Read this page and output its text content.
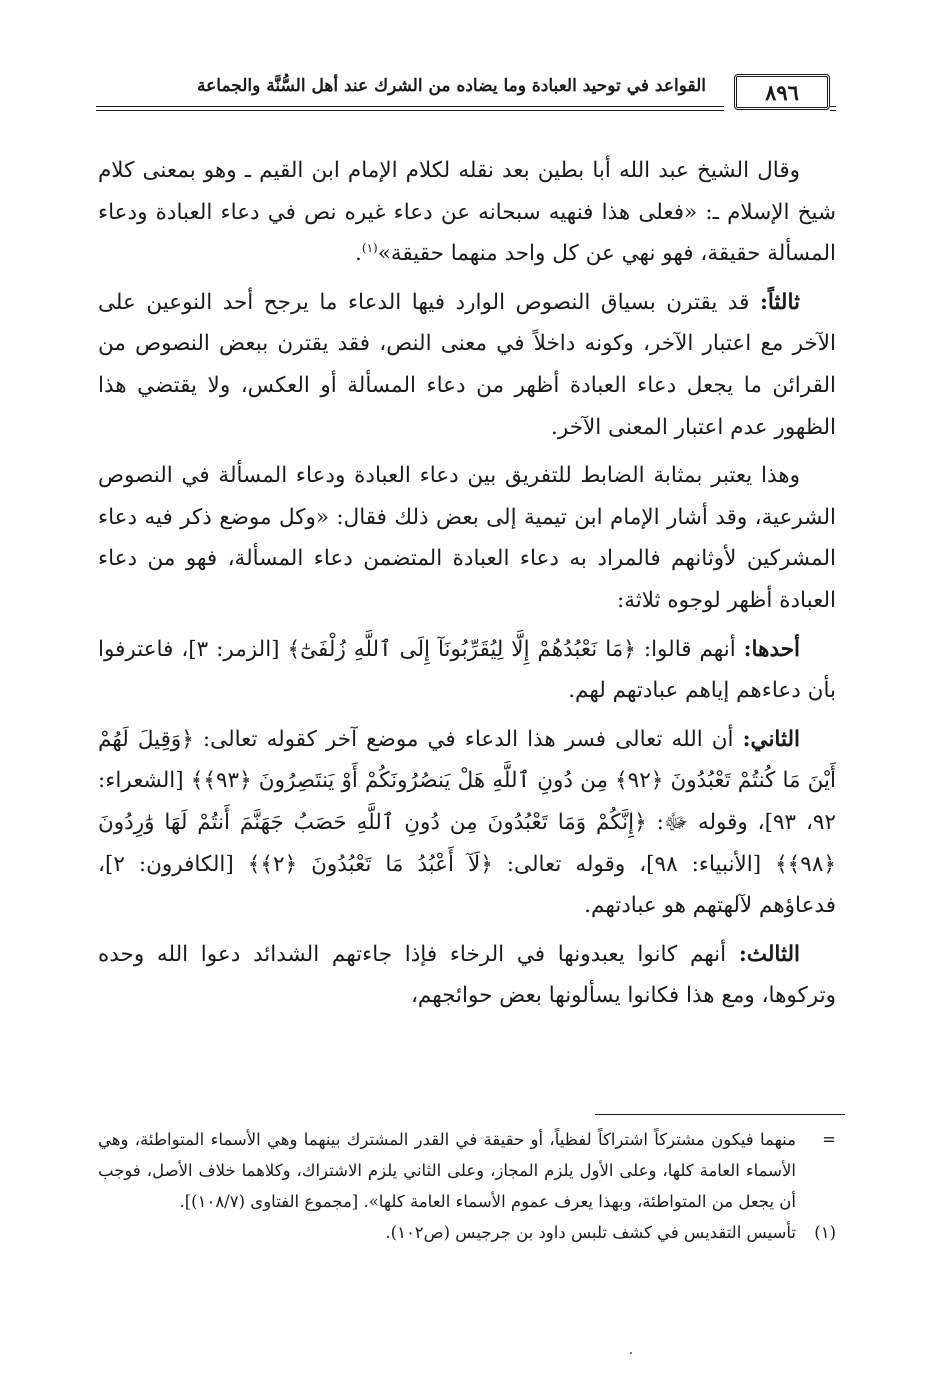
القواعد في توحيد العبادة وما يضاده من الشرك عند أهل السُّنَّة والجماعة	٨٩٦

وقال الشيخ عبد الله أبا بطين بعد نقله لكلام الإمام ابن القيم ـ وهو بمعنى كلام شيخ الإسلام ـ: «فعلى هذا فنهيه سبحانه عن دعاء غيره نص في دعاء العبادة ودعاء المسألة حقيقة، فهو نهي عن كل واحد منهما حقيقة»$^{(١)}$.

ثالثاً: قد يقترن بسياق النصوص الوارد فيها الدعاء ما يرجح أحد النوعين على الآخر مع اعتبار الآخر، وكونه داخلاً في معنى النص، فقد يقترن ببعض النصوص من القرائن ما يجعل دعاء العبادة أظهر من دعاء المسألة أو العكس، ولا يقتضي هذا الظهور عدم اعتبار المعنى الآخر.

وهذا يعتبر بمثابة الضابط للتفريق بين دعاء العبادة ودعاء المسألة في النصوص الشرعية، وقد أشار الإمام ابن تيمية إلى بعض ذلك فقال: «وكل موضع ذكر فيه دعاء المشركين لأوثانهم فالمراد به دعاء العبادة المتضمن دعاء المسألة، فهو من دعاء العبادة أظهر لوجوه ثلاثة:

أحدها: أنهم قالوا: ﴿مَا نَعْبُدُهُمْ إِلَّا لِيُقَرِّبُونَآ إِلَى ٱللَّهِ زُلْفَىٰٓ﴾ [الزمر: ٣]، فاعترفوا بأن دعاءهم إياهم عبادتهم لهم.

الثاني: أن الله تعالى فسر هذا الدعاء في موضع آخر كقوله تعالى: ﴿وَقِيلَ لَهُمْ أَيْنَ مَا كُنتُمْ تَعْبُدُونَ ﴿٩٢﴾ مِن دُونِ ٱللَّهِ هَلْ يَنصُرُونَكُمْ أَوْ يَنتَصِرُونَ ﴿٩٣﴾﴾ [الشعراء: ٩٢، ٩٣]، وقوله ﷻ: ﴿إِنَّكُمْ وَمَا تَعْبُدُونَ مِن دُونِ ٱللَّهِ حَصَبُ جَهَنَّمَ أَنتُمْ لَهَا وَٰرِدُونَ ﴿٩٨﴾﴾ [الأنبياء: ٩٨]، وقوله تعالى: ﴿لَآ أَعْبُدُ مَا تَعْبُدُونَ ﴿٢﴾﴾ [الكافرون: ٢]، فدعاؤهم لآلهتهم هو عبادتهم.

الثالث: أنهم كانوا يعبدونها في الرخاء فإذا جاءتهم الشدائد دعوا الله وحده وتركوها، ومع هذا فكانوا يسألونها بعض حوائجهم،

=
منهما فيكون مشتركاً اشتراكاً لفظياً، أو حقيقة في القدر المشترك بينهما وهي الأسماء المتواطئة، وهي الأسماء العامة كلها، وعلى الأول يلزم المجاز، وعلى الثاني يلزم الاشتراك، وكلاهما خلاف الأصل، فوجب أن يجعل من المتواطئة، وبهذا يعرف عموم الأسماء العامة كلها». [مجموع الفتاوى (١٠٨/٧)].
(١)
تأسيس التقديس في كشف تلبس داود بن جرجيس (ص١٠٢).
